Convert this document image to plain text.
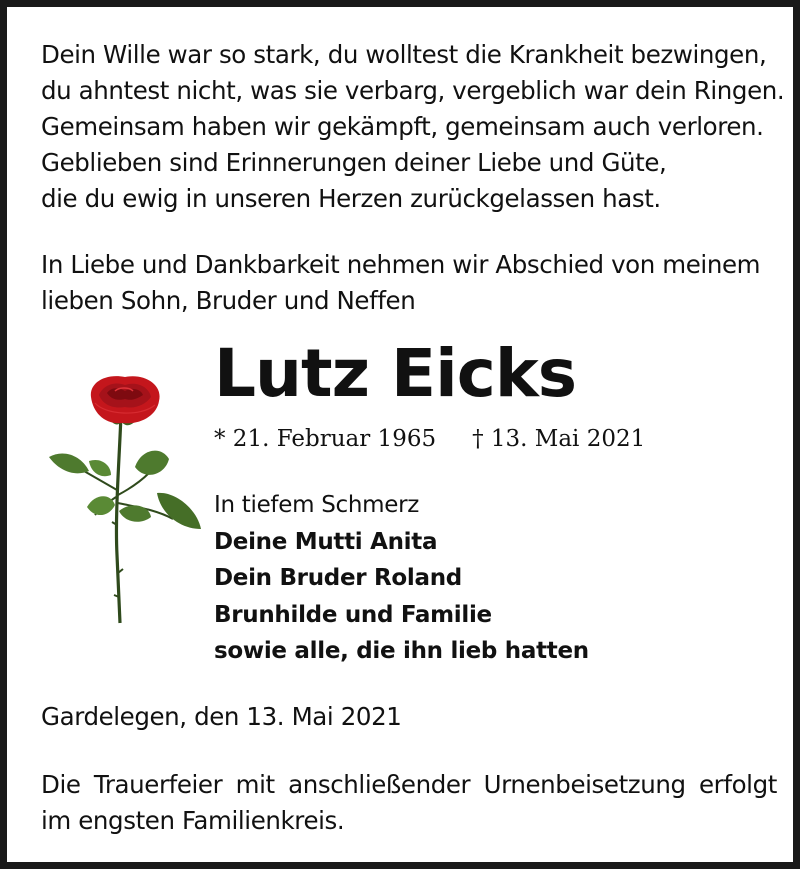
Dein Wille war so stark, du wolltest die Krankheit bezwingen,
du ahntest nicht, was sie verbarg, vergeblich war dein Ringen.
Gemeinsam haben wir gekämpft, gemeinsam auch verloren.
Geblieben sind Erinnerungen deiner Liebe und Güte,
die du ewig in unseren Herzen zurückgelassen hast.
In Liebe und Dankbarkeit nehmen wir Abschied von meinem
lieben Sohn, Bruder und Neffen
Lutz Eicks
* 21. Februar 1965 † 13. Mai 2021
In tiefem Schmerz
Deine Mutti Anita
Dein Bruder Roland
Brunhilde und Familie
sowie alle, die ihn lieb hatten
Gardelegen, den 13. Mai 2021
Die Trauerfeier mit anschließender Urnenbeisetzung erfolgt
im engsten Familienkreis.
